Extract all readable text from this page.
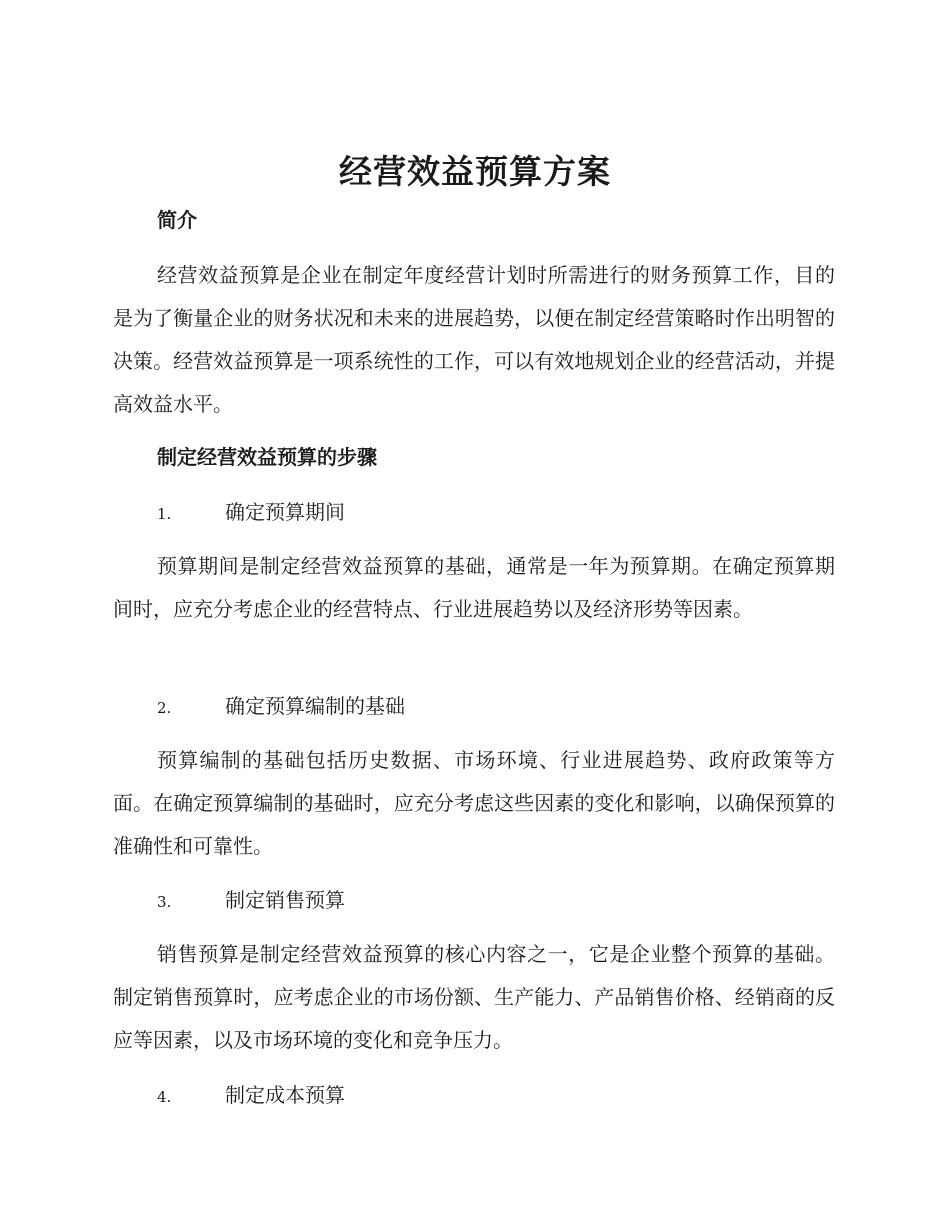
经营效益预算方案
简介
经营效益预算是企业在制定年度经营计划时所需进行的财务预算工作，目的是为了衡量企业的财务状况和未来的进展趋势，以便在制定经营策略时作出明智的决策。经营效益预算是一项系统性的工作，可以有效地规划企业的经营活动，并提高效益水平。
制定经营效益预算的步骤
1.	确定预算期间
预算期间是制定经营效益预算的基础，通常是一年为预算期。在确定预算期间时，应充分考虑企业的经营特点、行业进展趋势以及经济形势等因素。
2.	确定预算编制的基础
预算编制的基础包括历史数据、市场环境、行业进展趋势、政府政策等方面。在确定预算编制的基础时，应充分考虑这些因素的变化和影响，以确保预算的准确性和可靠性。
3.	制定销售预算
销售预算是制定经营效益预算的核心内容之一，它是企业整个预算的基础。制定销售预算时，应考虑企业的市场份额、生产能力、产品销售价格、经销商的反应等因素，以及市场环境的变化和竞争压力。
4.	制定成本预算
